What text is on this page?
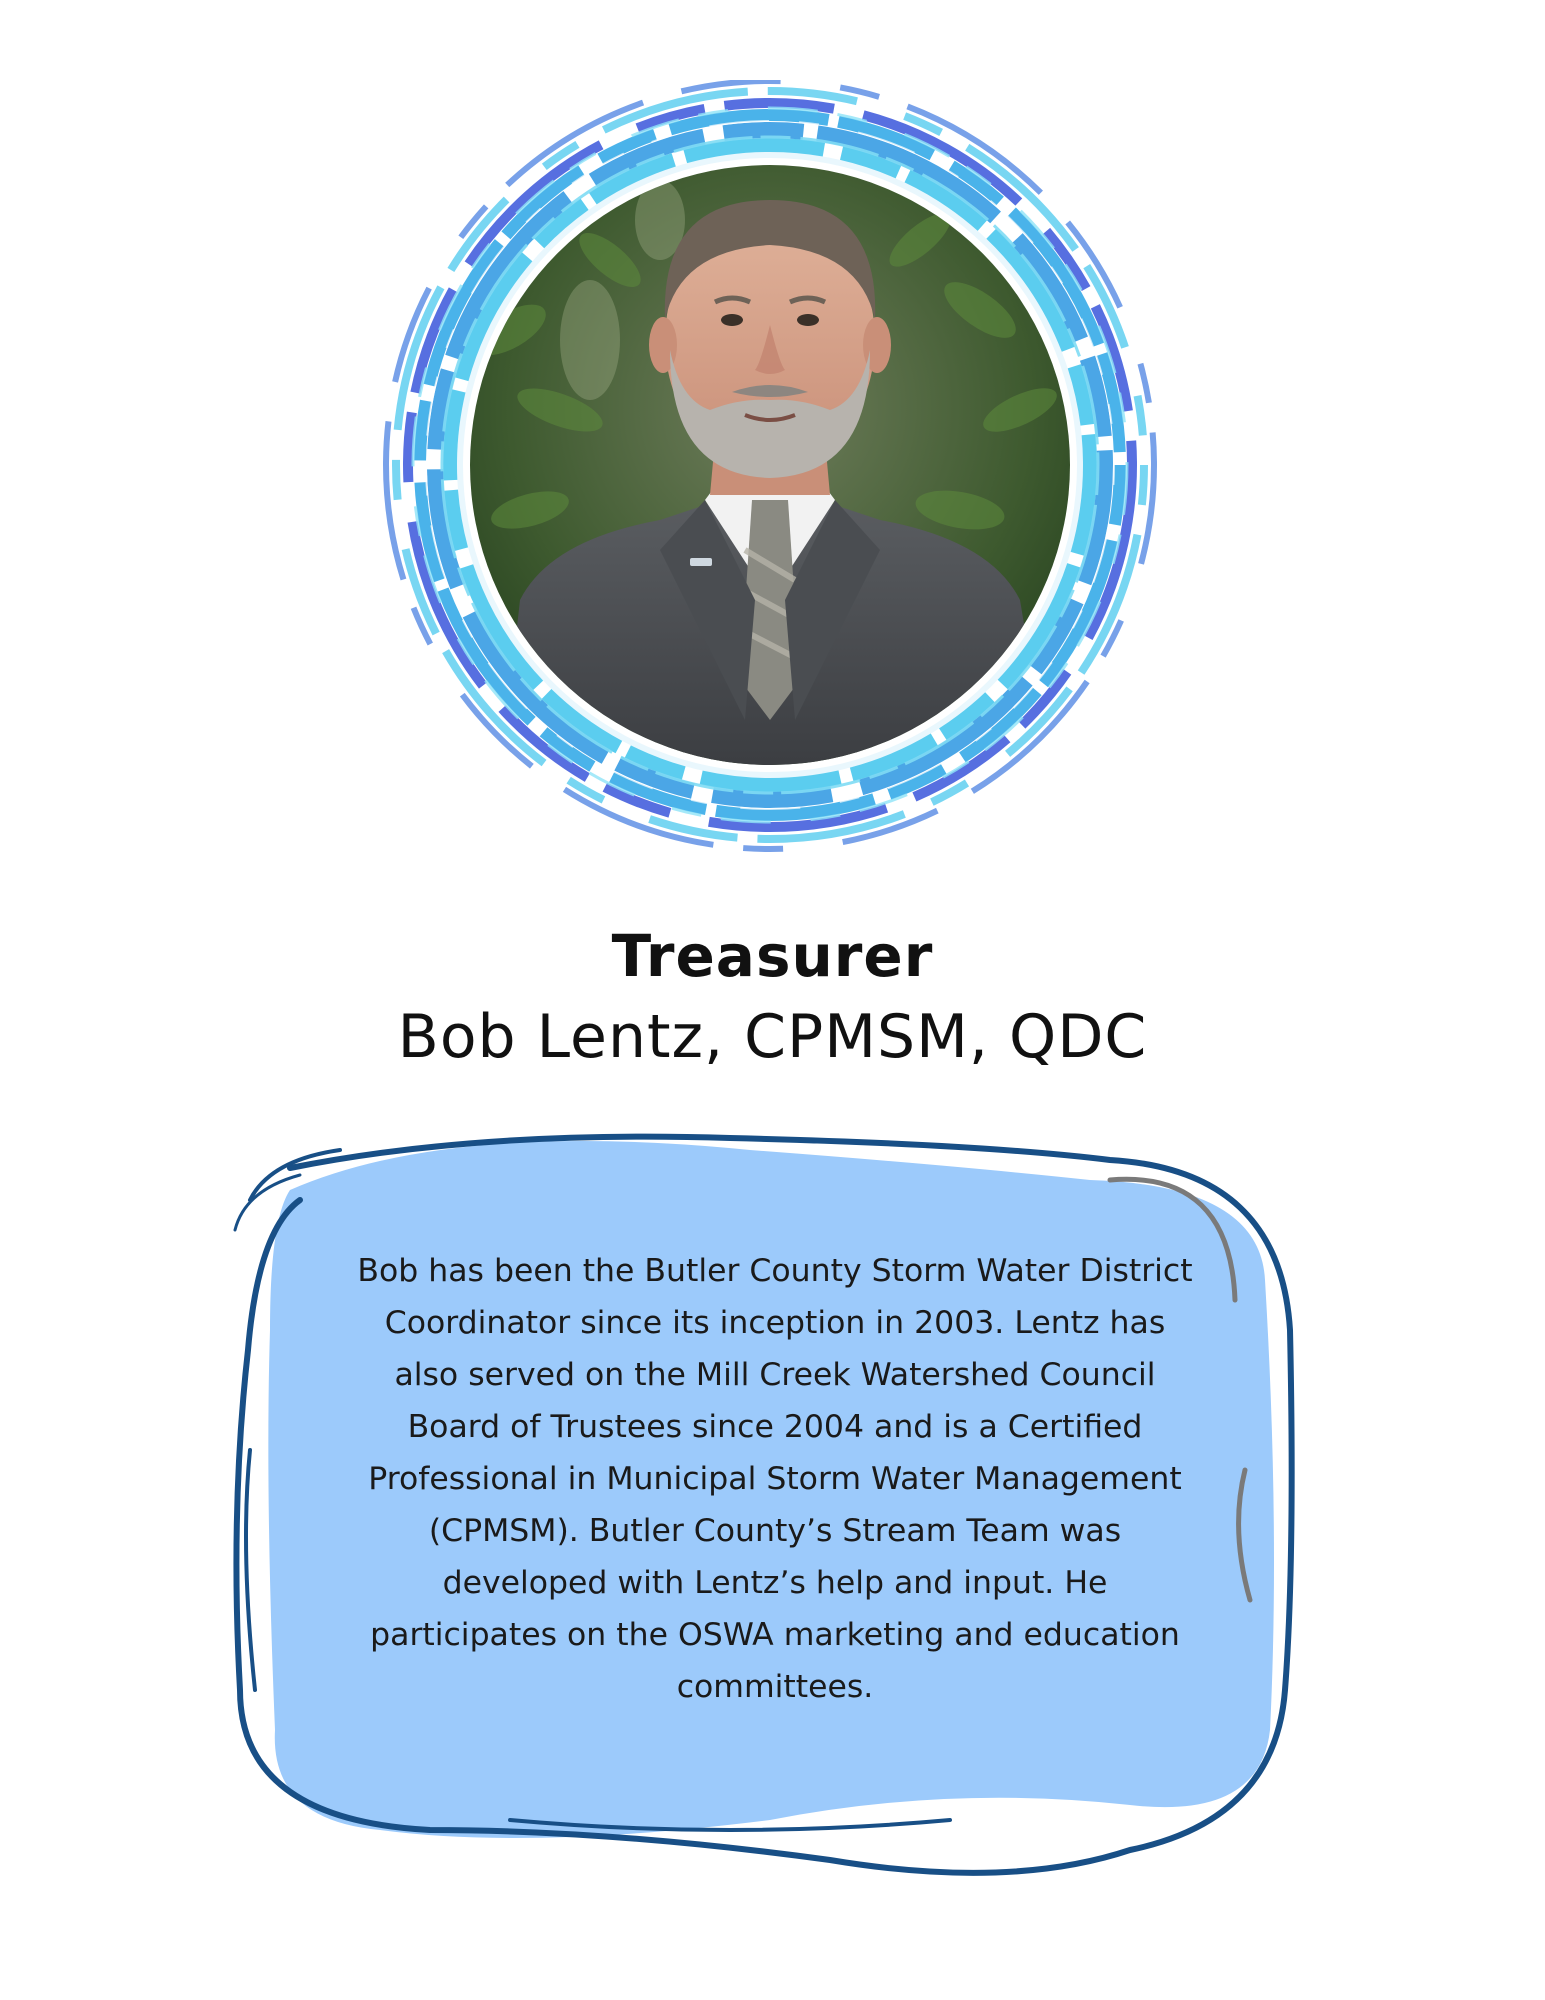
Treasurer
Bob Lentz, CPMSM, QDC

Bob has been the Butler County Storm Water District Coordinator since its inception in 2003. Lentz has also served on the Mill Creek Watershed Council Board of Trustees since 2004 and is a Certified Professional in Municipal Storm Water Management (CPMSM). Butler County’s Stream Team was developed with Lentz’s help and input. He participates on the OSWA marketing and education committees.
